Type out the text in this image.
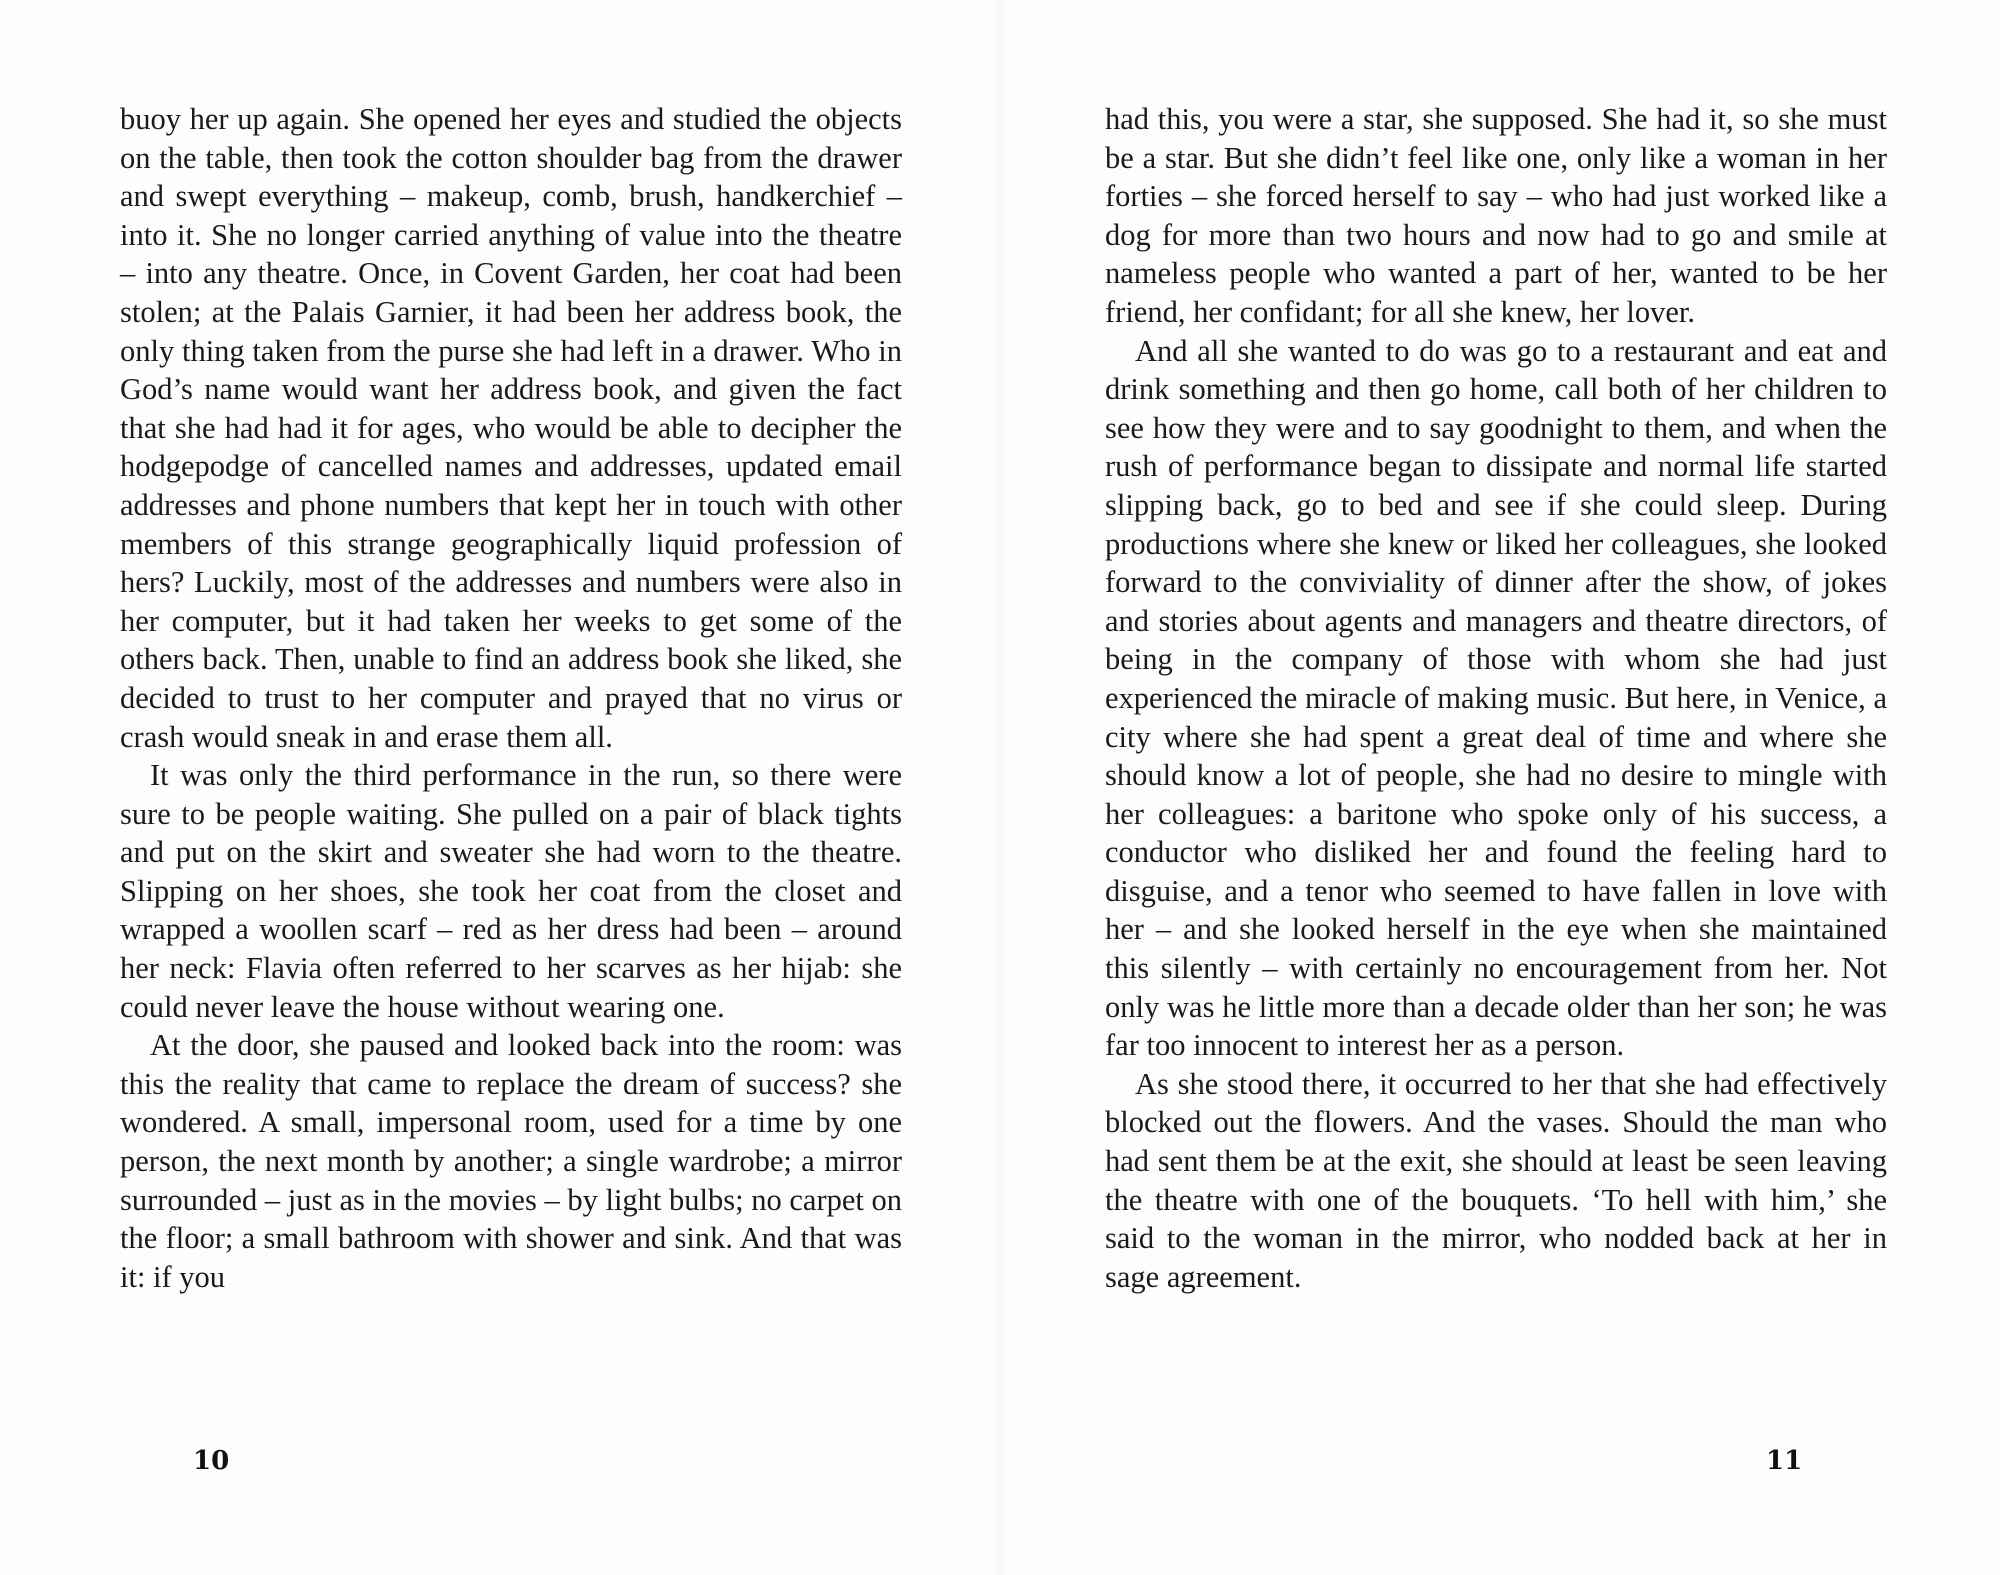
buoy her up again. She opened her eyes and studied the objects on the table, then took the cotton shoulder bag from the drawer and swept everything – makeup, comb, brush, handkerchief – into it. She no longer carried anything of value into the theatre – into any theatre. Once, in Covent Garden, her coat had been stolen; at the Palais Garnier, it had been her address book, the only thing taken from the purse she had left in a drawer. Who in God’s name would want her address book, and given the fact that she had had it for ages, who would be able to decipher the hodgepodge of cancelled names and addresses, updated email addresses and phone numbers that kept her in touch with other members of this strange geographically liquid profession of hers? Luckily, most of the addresses and numbers were also in her computer, but it had taken her weeks to get some of the others back. Then, unable to find an address book she liked, she decided to trust to her computer and prayed that no virus or crash would sneak in and erase them all.

It was only the third performance in the run, so there were sure to be people waiting. She pulled on a pair of black tights and put on the skirt and sweater she had worn to the theatre. Slipping on her shoes, she took her coat from the closet and wrapped a woollen scarf – red as her dress had been – around her neck: Flavia often referred to her scarves as her hijab: she could never leave the house without wearing one.

At the door, she paused and looked back into the room: was this the reality that came to replace the dream of success? she wondered. A small, impersonal room, used for a time by one person, the next month by another; a single wardrobe; a mirror surrounded – just as in the movies – by light bulbs; no carpet on the floor; a small bathroom with shower and sink. And that was it: if you

10

had this, you were a star, she supposed. She had it, so she must be a star. But she didn’t feel like one, only like a woman in her forties – she forced herself to say – who had just worked like a dog for more than two hours and now had to go and smile at nameless people who wanted a part of her, wanted to be her friend, her confidant; for all she knew, her lover.

And all she wanted to do was go to a restaurant and eat and drink something and then go home, call both of her children to see how they were and to say goodnight to them, and when the rush of performance began to dissipate and normal life started slipping back, go to bed and see if she could sleep. During productions where she knew or liked her colleagues, she looked forward to the conviviality of dinner after the show, of jokes and stories about agents and managers and theatre directors, of being in the company of those with whom she had just experienced the miracle of making music. But here, in Venice, a city where she had spent a great deal of time and where she should know a lot of people, she had no desire to mingle with her colleagues: a baritone who spoke only of his success, a conductor who disliked her and found the feeling hard to disguise, and a tenor who seemed to have fallen in love with her – and she looked herself in the eye when she maintained this silently – with certainly no encouragement from her. Not only was he little more than a decade older than her son; he was far too innocent to interest her as a person.

As she stood there, it occurred to her that she had effectively blocked out the flowers. And the vases. Should the man who had sent them be at the exit, she should at least be seen leaving the theatre with one of the bouquets. ‘To hell with him,’ she said to the woman in the mirror, who nodded back at her in sage agreement.

11
